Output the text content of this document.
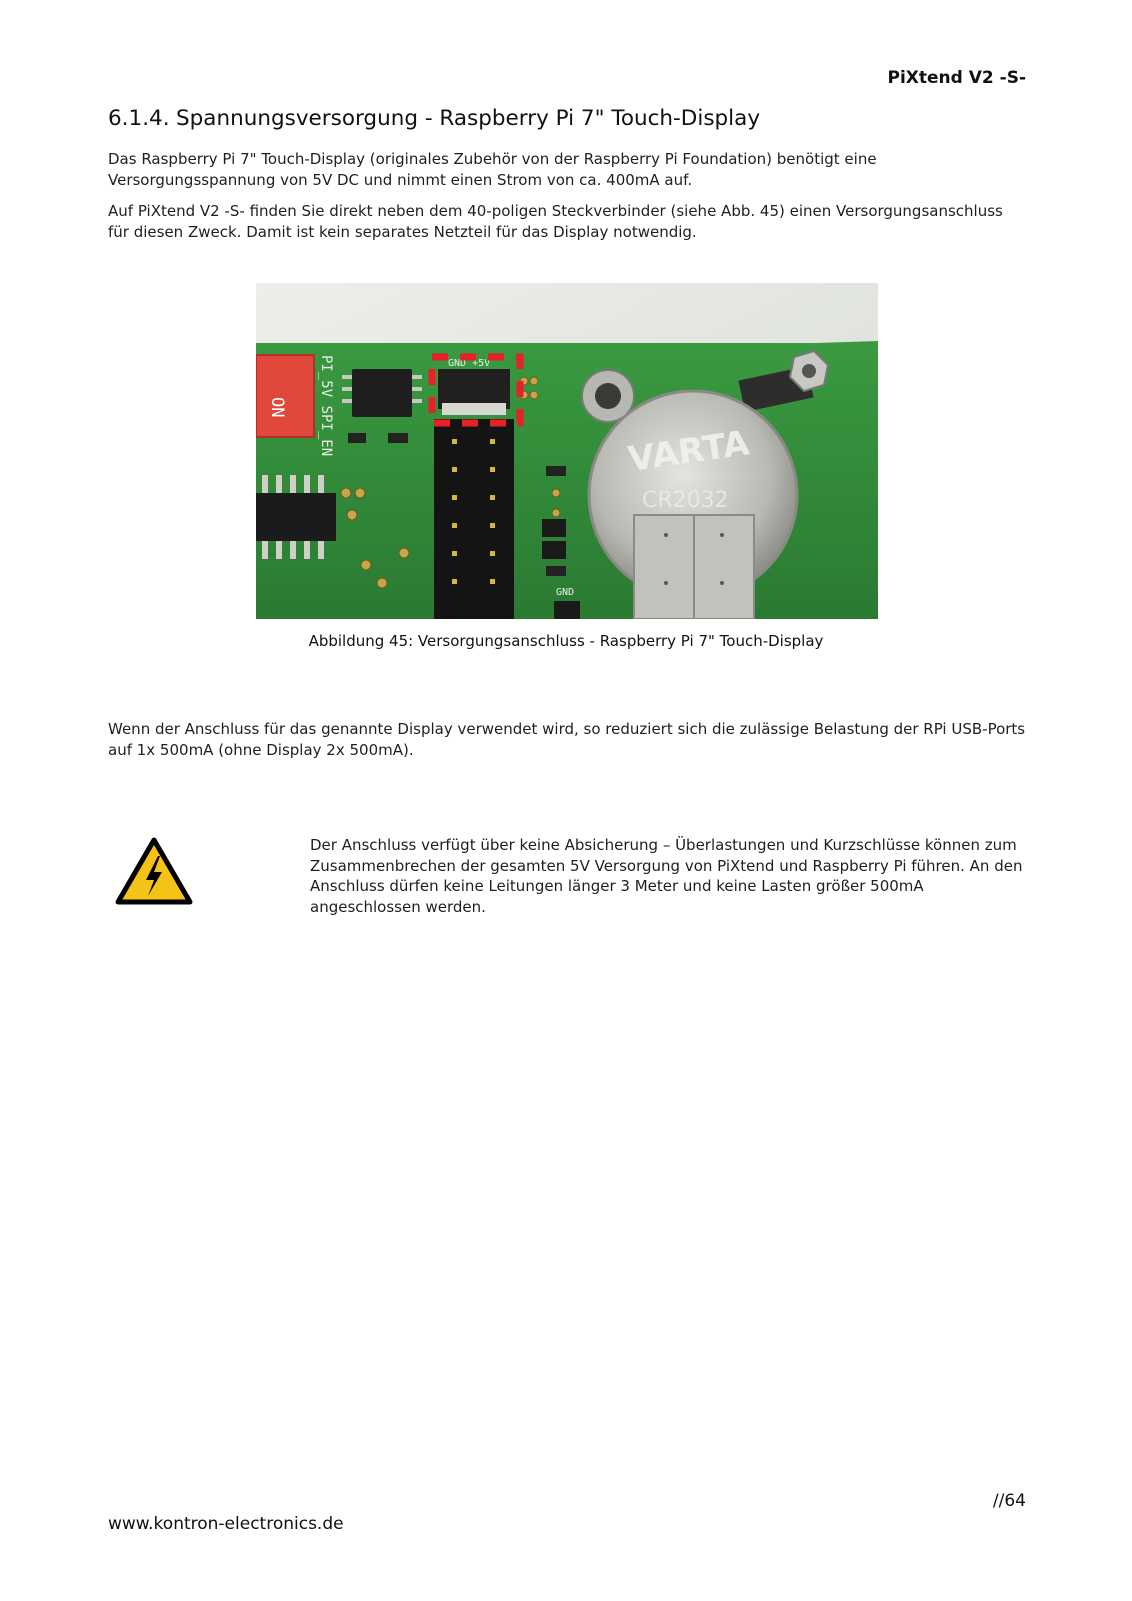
PiXtend V2 -S-
6.1.4. Spannungsversorgung - Raspberry Pi 7" Touch-Display

Das Raspberry Pi 7" Touch-Display (originales Zubehör von der Raspberry Pi Foundation) benötigt eine Versorgungsspannung von 5V DC und nimmt einen Strom von ca. 400mA auf.

Auf PiXtend V2 -S- finden Sie direkt neben dem 40-poligen Steckverbinder (siehe Abb. 45) einen Versorgungsanschluss für diesen Zweck. Damit ist kein separates Netzteil für das Display notwendig.

ON PI_5V SPI_EN	GND +5V
VARTA
CR2032
GND
Abbildung 45: Versorgungsanschluss - Raspberry Pi 7" Touch-Display

Wenn der Anschluss für das genannte Display verwendet wird, so reduziert sich die zulässige Belastung der RPi USB-Ports auf 1x 500mA (ohne Display 2x 500mA).

Der Anschluss verfügt über keine Absicherung – Überlastungen und Kurzschlüsse können zum Zusammenbrechen der gesamten 5V Versorgung von PiXtend und Raspberry Pi führen. An den Anschluss dürfen keine Leitungen länger 3 Meter und keine Lasten größer 500mA angeschlossen werden.

//64
www.kontron-electronics.de
